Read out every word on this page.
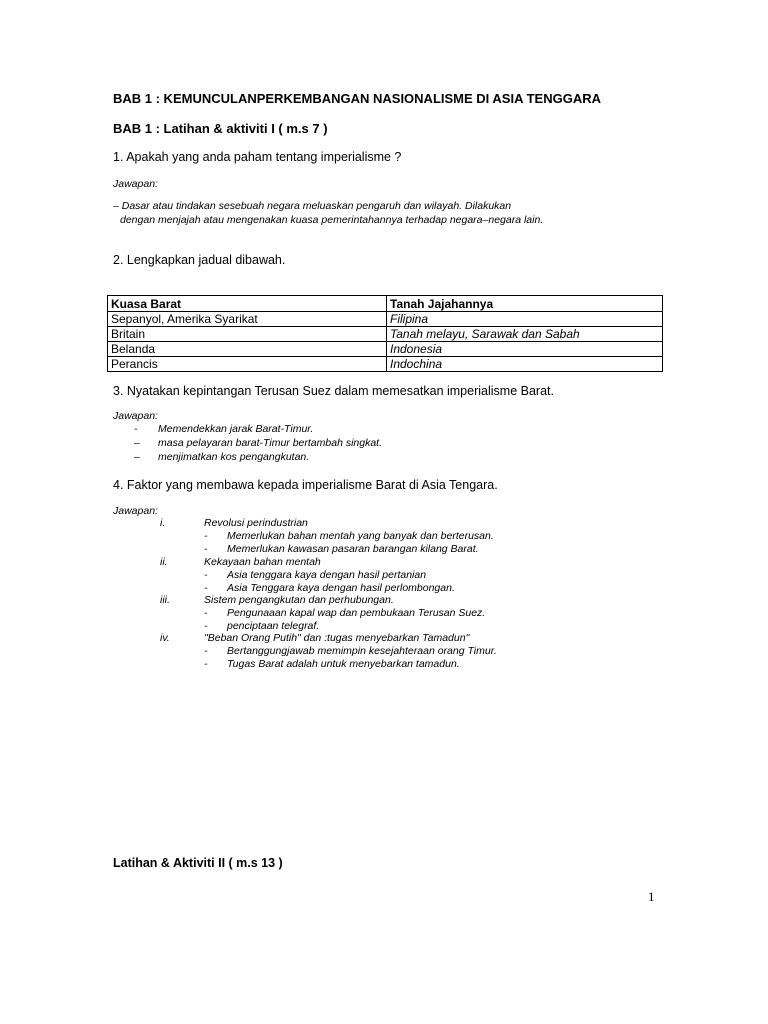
BAB 1 : KEMUNCULANPERKEMBANGAN NASIONALISME DI ASIA TENGGARA
BAB 1 : Latihan & aktiviti I ( m.s 7 )
1. Apakah yang anda paham tentang imperialisme ?
Jawapan:
– Dasar atau tindakan sesebuah negara meluaskan pengaruh dan wilayah. Dilakukan
dengan menjajah atau mengenakan kuasa pemerintahannya terhadap negara–negara lain.
2. Lengkapkan jadual dibawah.
Kuasa Barat	Tanah Jajahannya
Sepanyol, Amerika Syarikat	Filipina
Britain	Tanah melayu, Sarawak dan Sabah
Belanda	Indonesia
Perancis	Indochina
3. Nyatakan kepintangan Terusan Suez dalam memesatkan imperialisme Barat.
Jawapan:
- Memendekkan jarak Barat-Timur.
– masa pelayaran barat-Timur bertambah singkat.
– menjimatkan kos pengangkutan.
4. Faktor yang membawa kepada imperialisme Barat di Asia Tengara.
Jawapan:
i.	Revolusi perindustrian
- Memerlukan bahan mentah yang banyak dan berterusan.
- Memerlukan kawasan pasaran barangan kilang Barat.
ii.	Kekayaan bahan mentah
- Asia tenggara kaya dengan hasil pertanian
- Asia Tenggara kaya dengan hasil perlombongan.
iii.	Sistem pengangkutan dan perhubungan.
- Pengunaaan kapal wap dan pembukaan Terusan Suez.
- penciptaan telegraf.
iv.	"Beban Orang Putih" dan :tugas menyebarkan Tamadun"
- Bertanggungjawab memimpin kesejahteraan orang Timur.
- Tugas Barat adalah untuk menyebarkan tamadun.
Latihan & Aktiviti II ( m.s 13 )
1
